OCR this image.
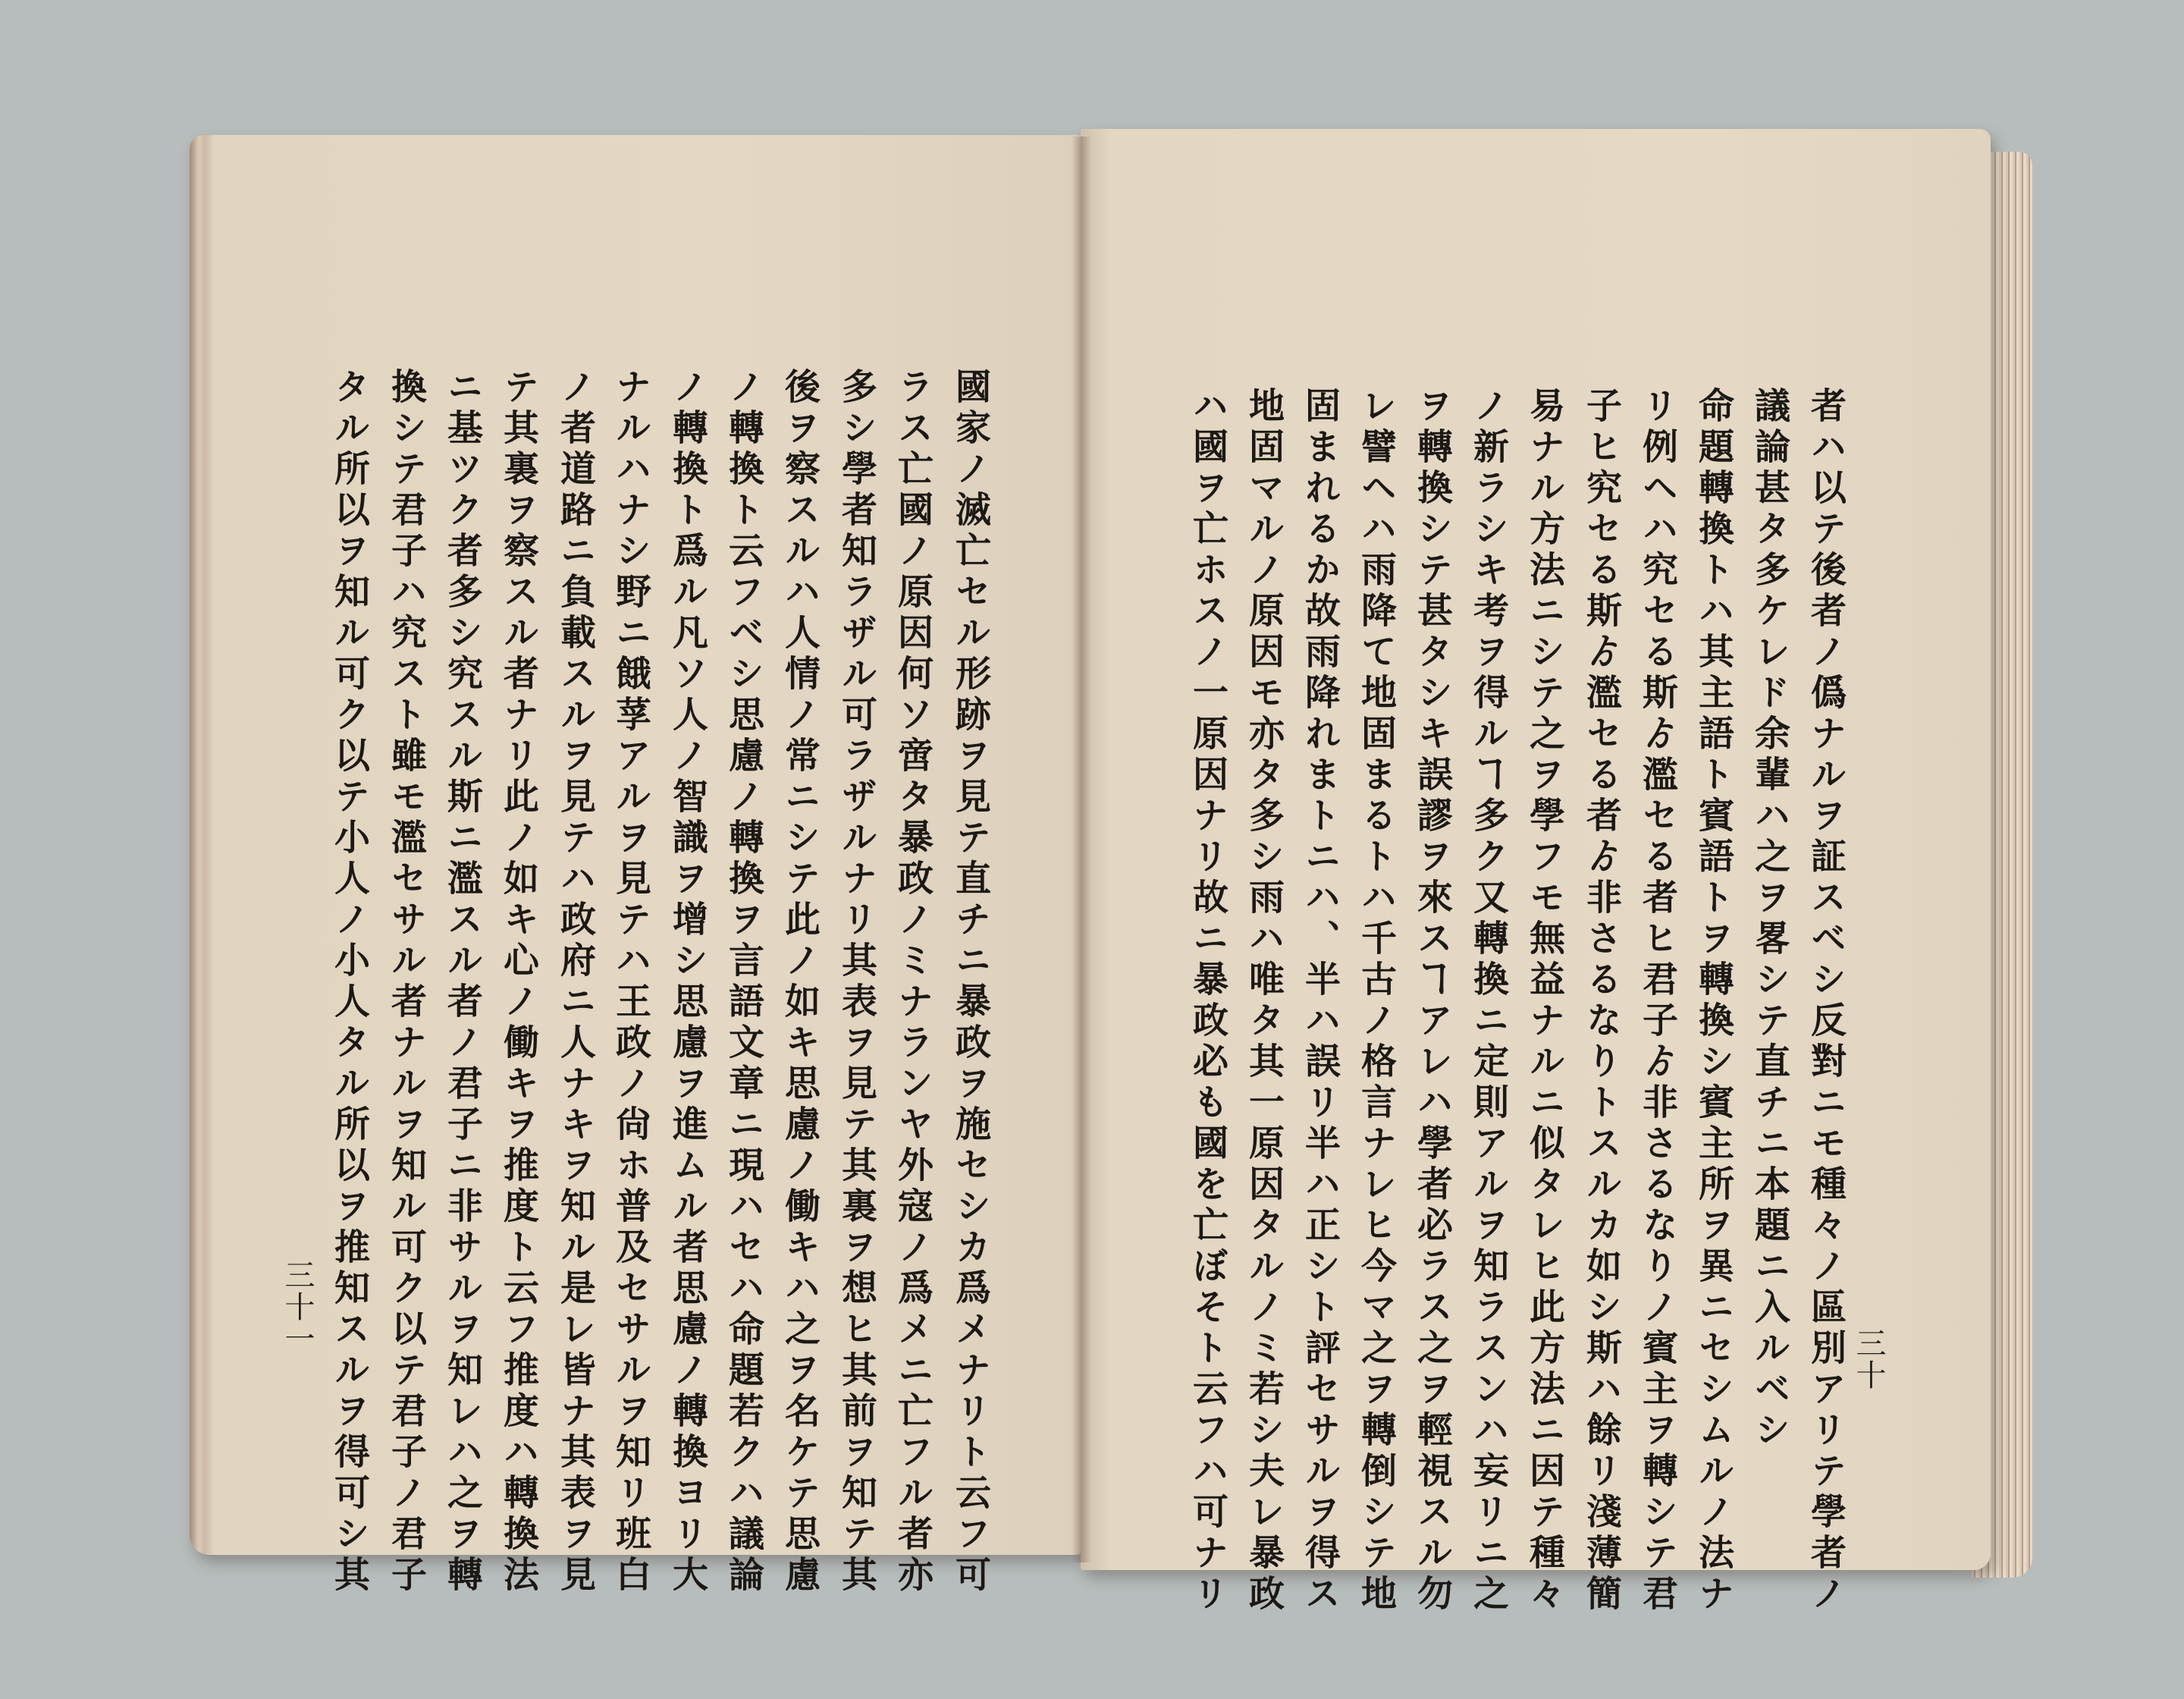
國家ノ滅亡セル形跡ヲ見テ直チニ暴政ヲ施セシカ爲メナリト云フ可
ラス亡國ノ原因何ソ啻タ暴政ノミナランヤ外寇ノ爲メニ亡フル者亦
多シ學者知ラザル可ラザルナリ其表ヲ見テ其裏ヲ想ヒ其前ヲ知テ其
後ヲ察スルハ人情ノ常ニシテ此ノ如キ思慮ノ働キハ之ヲ名ケテ思慮
ノ轉換ト云フベシ思慮ノ轉換ヲ言語文章ニ現ハセハ命題若クハ議論
ノ轉換ト爲ル凡ソ人ノ智識ヲ增シ思慮ヲ進ムル者思慮ノ轉換ヨリ大
ナルハナシ野ニ餓莩アルヲ見テハ王政ノ尙ホ普及セサルヲ知リ班白
ノ者道路ニ負載スルヲ見テハ政府ニ人ナキヲ知ル是レ皆ナ其表ヲ見
テ其裏ヲ察スル者ナリ此ノ如キ心ノ働キヲ推度ト云フ推度ハ轉換法
ニ基ツク者多シ究スル斯ニ濫スル者ノ君子ニ非サルヲ知レハ之ヲ轉
換シテ君子ハ究スト雖モ濫セサル者ナルヲ知ル可ク以テ君子ノ君子
タル所以ヲ知ル可ク以テ小人ノ小人タル所以ヲ推知スルヲ得可シ其
三十一	者ハ以テ後者ノ僞ナルヲ証スベシ反對ニモ種々ノ區別アリテ學者ノ
議論甚タ多ケレド余輩ハ之ヲ畧シテ直チニ本題ニ入ルベシ
命題轉換トハ其主語ト賓語トヲ轉換シ賓主所ヲ異ニセシムルノ法ナ
リ例ヘハ究セる斯ゟ濫セる者ヒ君子ゟ非さるなりノ賓主ヲ轉シテ君
子ヒ究セる斯ゟ濫セる者ゟ非さるなりトスルカ如シ斯ハ餘リ淺薄簡
易ナル方法ニシテ之ヲ學フモ無益ナルニ似タレヒ此方法ニ因テ種々
ノ新ラシキ考ヲ得ルヿ多ク又轉換ニ定則アルヲ知ラスンハ妄リニ之
ヲ轉換シテ甚タシキ誤謬ヲ來スヿアレハ學者必ラス之ヲ輕視スル勿
レ譬ヘハ雨降て地固まるトハ千古ノ格言ナレヒ今マ之ヲ轉倒シテ地
固まれるか故雨降れまトニハ、半ハ誤リ半ハ正シト評セサルヲ得ス
地固マルノ原因モ亦タ多シ雨ハ唯タ其一原因タルノミ若シ夫レ暴政
ハ國ヲ亡ホスノ一原因ナリ故ニ暴政必も國を亡ぼそト云フハ可ナリ	三十
